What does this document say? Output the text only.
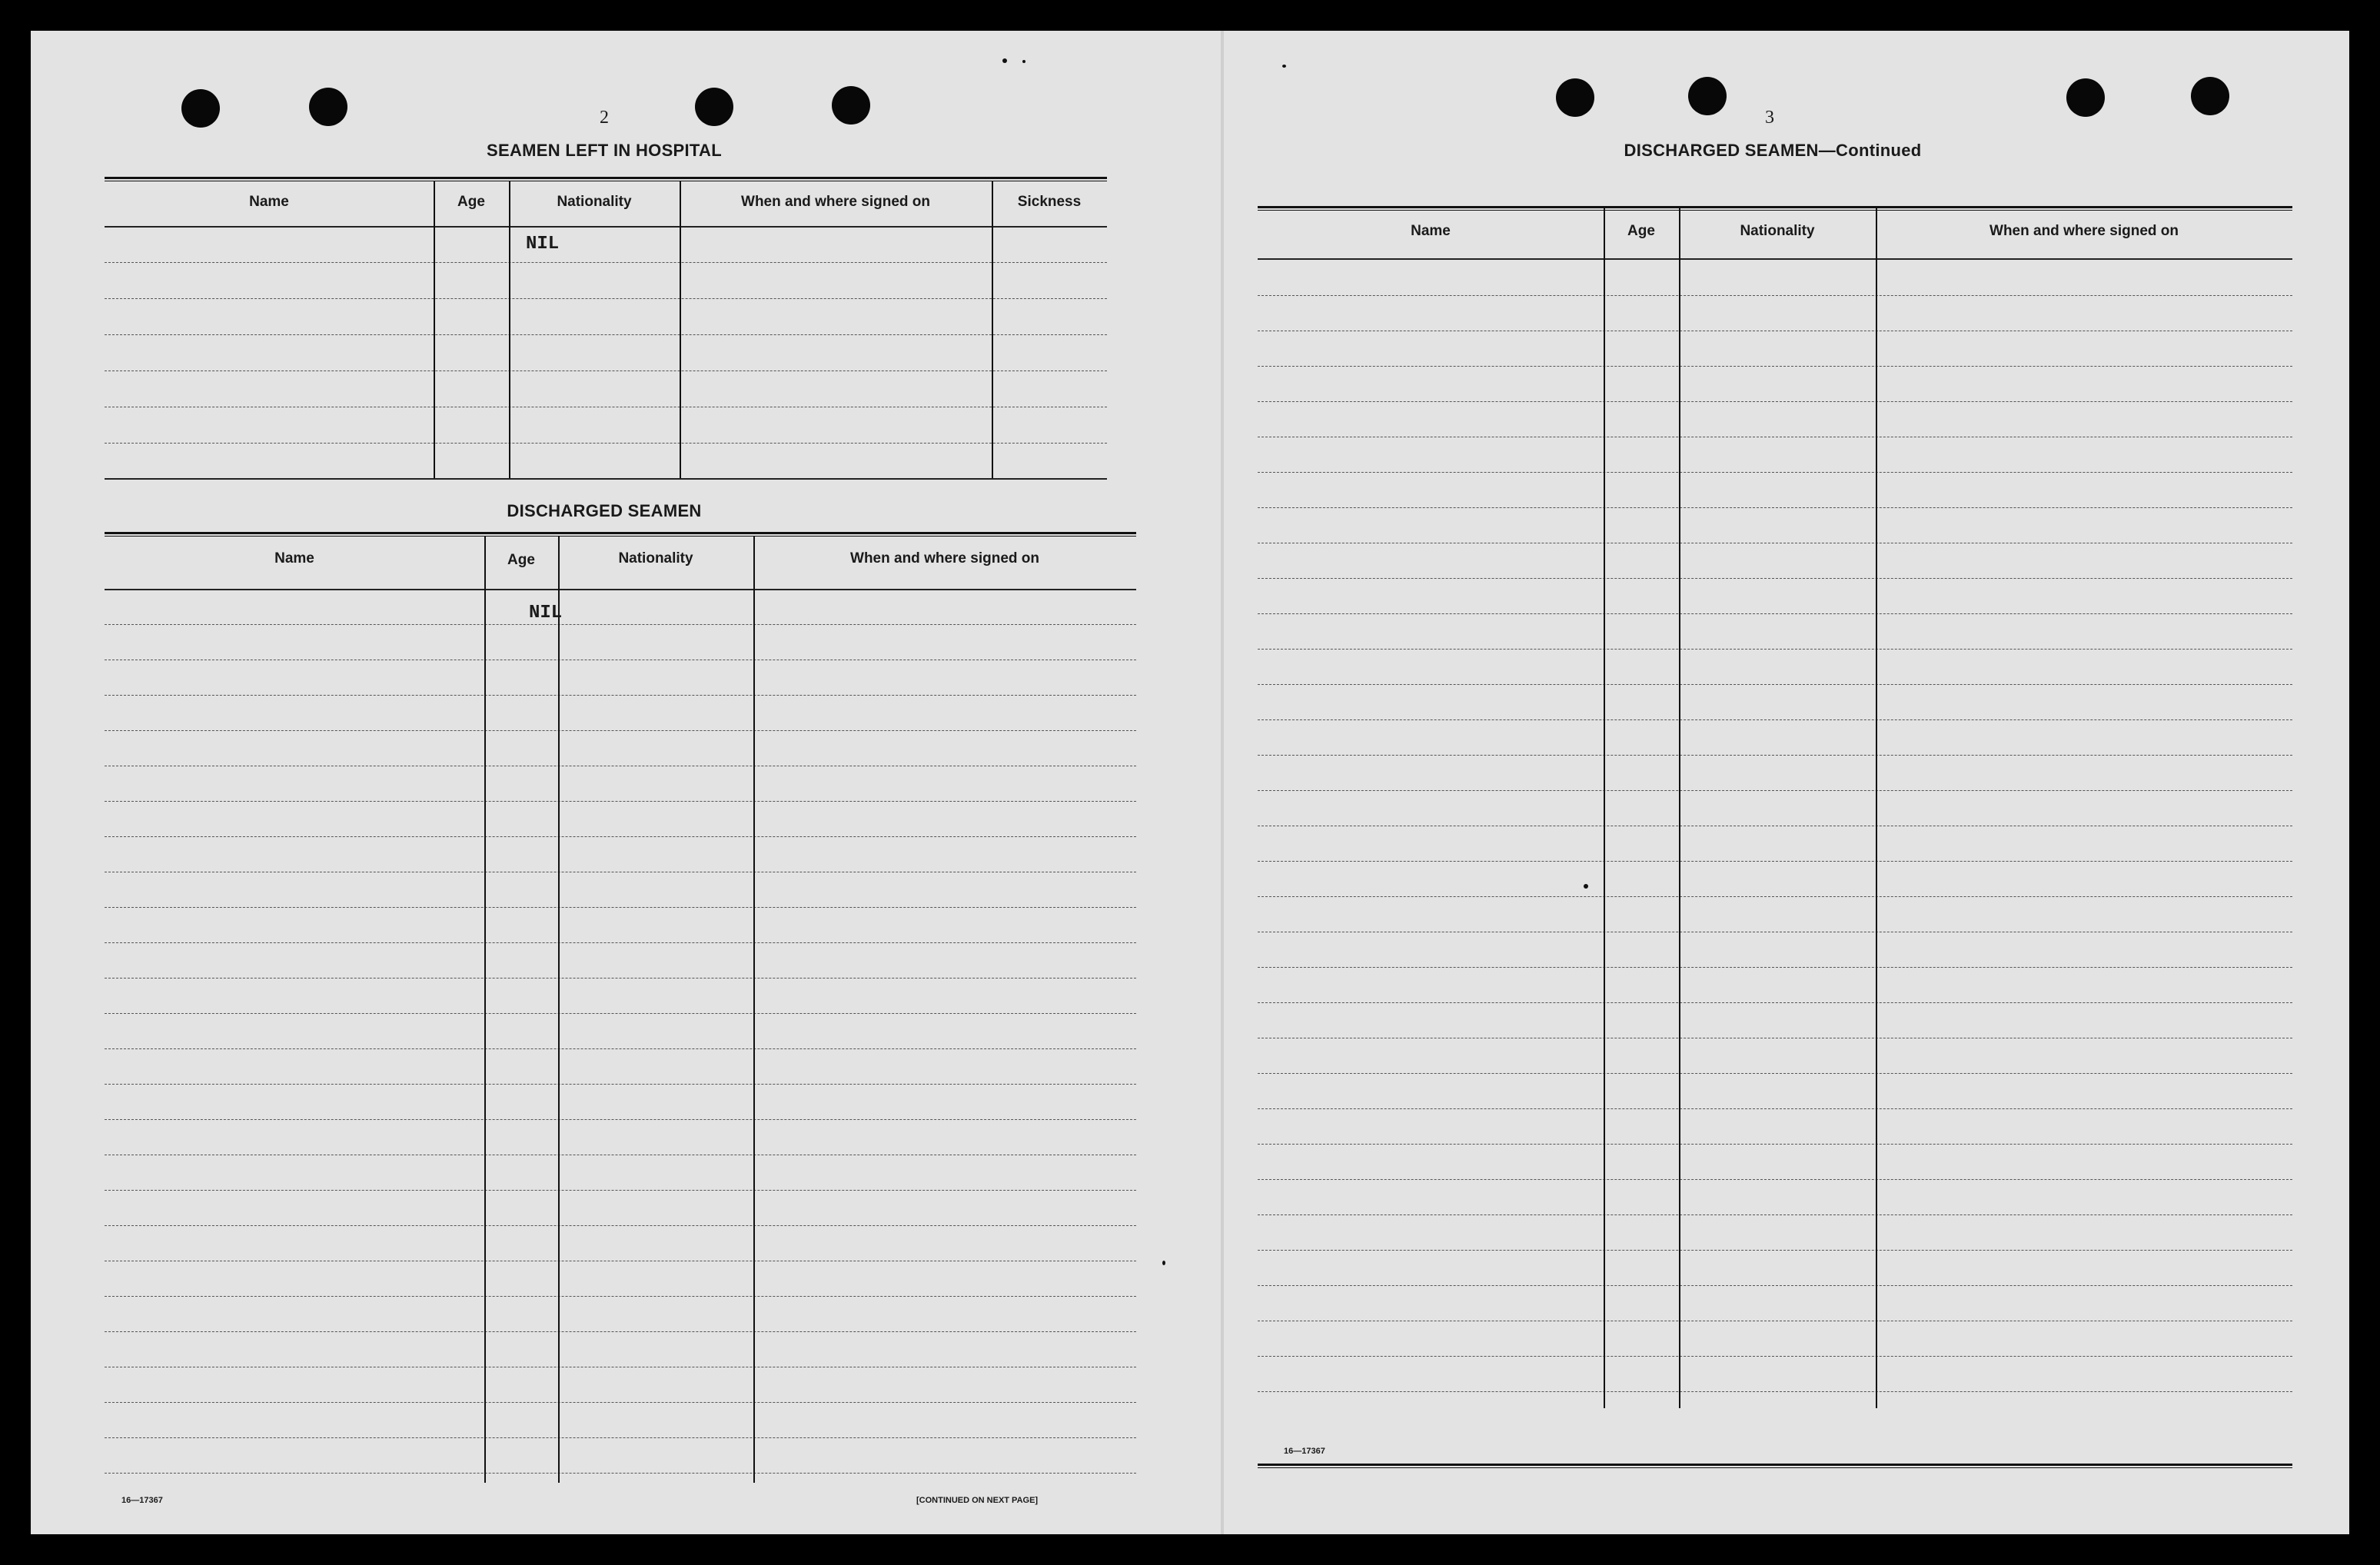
2
SEAMEN LEFT IN HOSPITAL
Name	Age	Nationality	When and where signed on	Sickness
NIL
DISCHARGED SEAMEN
Name	Age	Nationality	When and where signed on
NIL
16—17367	[CONTINUED ON NEXT PAGE]
3
DISCHARGED SEAMEN—Continued
Name	Age	Nationality	When and where signed on
16—17367
